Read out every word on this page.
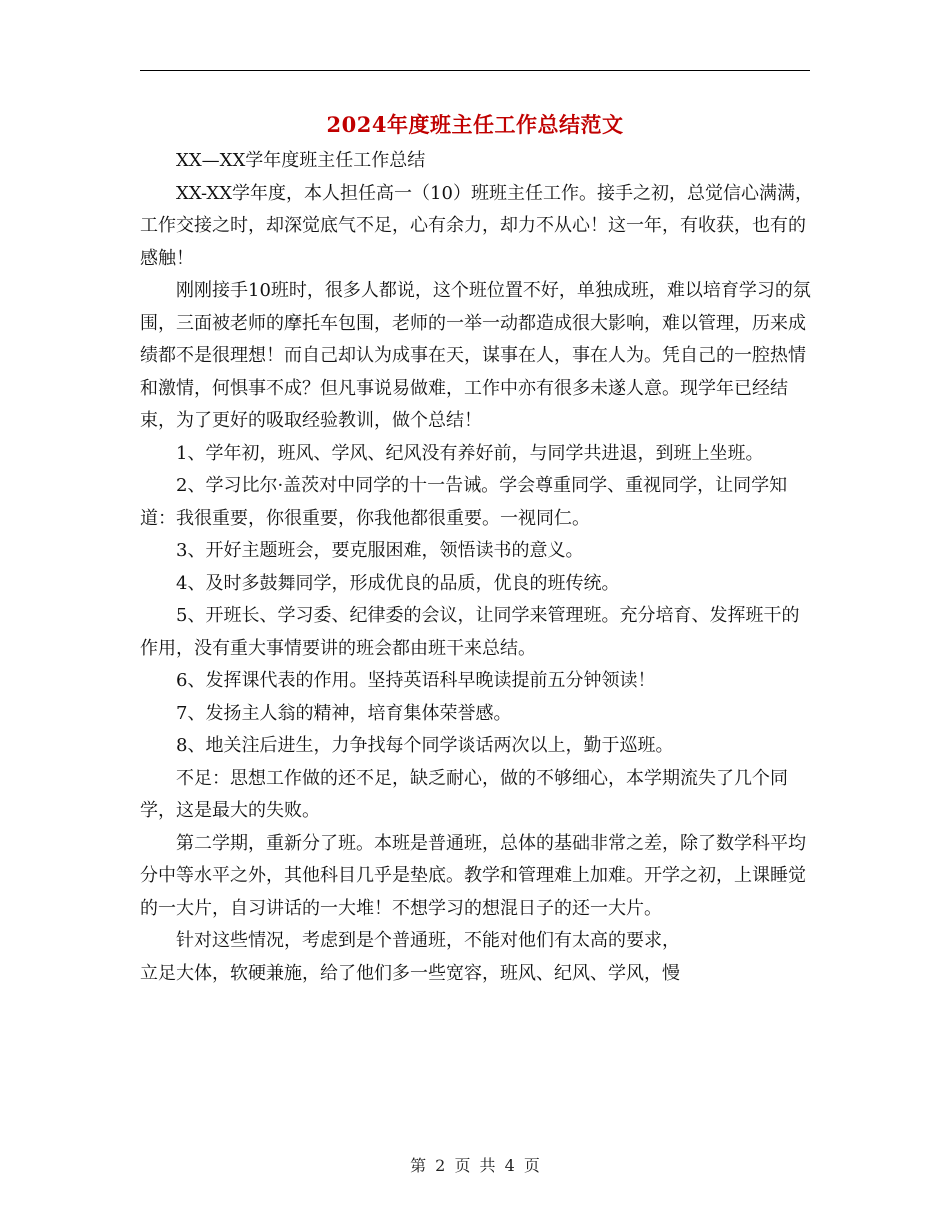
2024年度班主任工作总结范文

XX—XX学年度班主任工作总结

XX-XX学年度，本人担任高一（10）班班主任工作。接手之初，总觉信心满满，工作交接之时，却深觉底气不足，心有余力，却力不从心！这一年，有收获，也有的感触！

刚刚接手10班时，很多人都说，这个班位置不好，单独成班，难以培育学习的氛围，三面被老师的摩托车包围，老师的一举一动都造成很大影响，难以管理，历来成绩都不是很理想！而自己却认为成事在天，谋事在人，事在人为。凭自己的一腔热情和激情，何惧事不成？但凡事说易做难，工作中亦有很多未遂人意。现学年已经结束，为了更好的吸取经验教训，做个总结！

1、学年初，班风、学风、纪风没有养好前，与同学共进退，到班上坐班。

2、学习比尔·盖茨对中同学的十一告诫。学会尊重同学、重视同学，让同学知道：我很重要，你很重要，你我他都很重要。一视同仁。

3、开好主题班会，要克服困难，领悟读书的意义。

4、及时多鼓舞同学，形成优良的品质，优良的班传统。

5、开班长、学习委、纪律委的会议，让同学来管理班。充分培育、发挥班干的作用，没有重大事情要讲的班会都由班干来总结。

6、发挥课代表的作用。坚持英语科早晚读提前五分钟领读！

7、发扬主人翁的精神，培育集体荣誉感。

8、地关注后进生，力争找每个同学谈话两次以上，勤于巡班。

不足：思想工作做的还不足，缺乏耐心，做的不够细心，本学期流失了几个同学，这是最大的失败。

第二学期，重新分了班。本班是普通班，总体的基础非常之差，除了数学科平均分中等水平之外，其他科目几乎是垫底。教学和管理难上加难。开学之初，上课睡觉的一大片，自习讲话的一大堆！不想学习的想混日子的还一大片。

针对这些情况，考虑到是个普通班，不能对他们有太高的要求，
立足大体，软硬兼施，给了他们多一些宽容，班风、纪风、学风，慢

第 2 页 共 4 页
